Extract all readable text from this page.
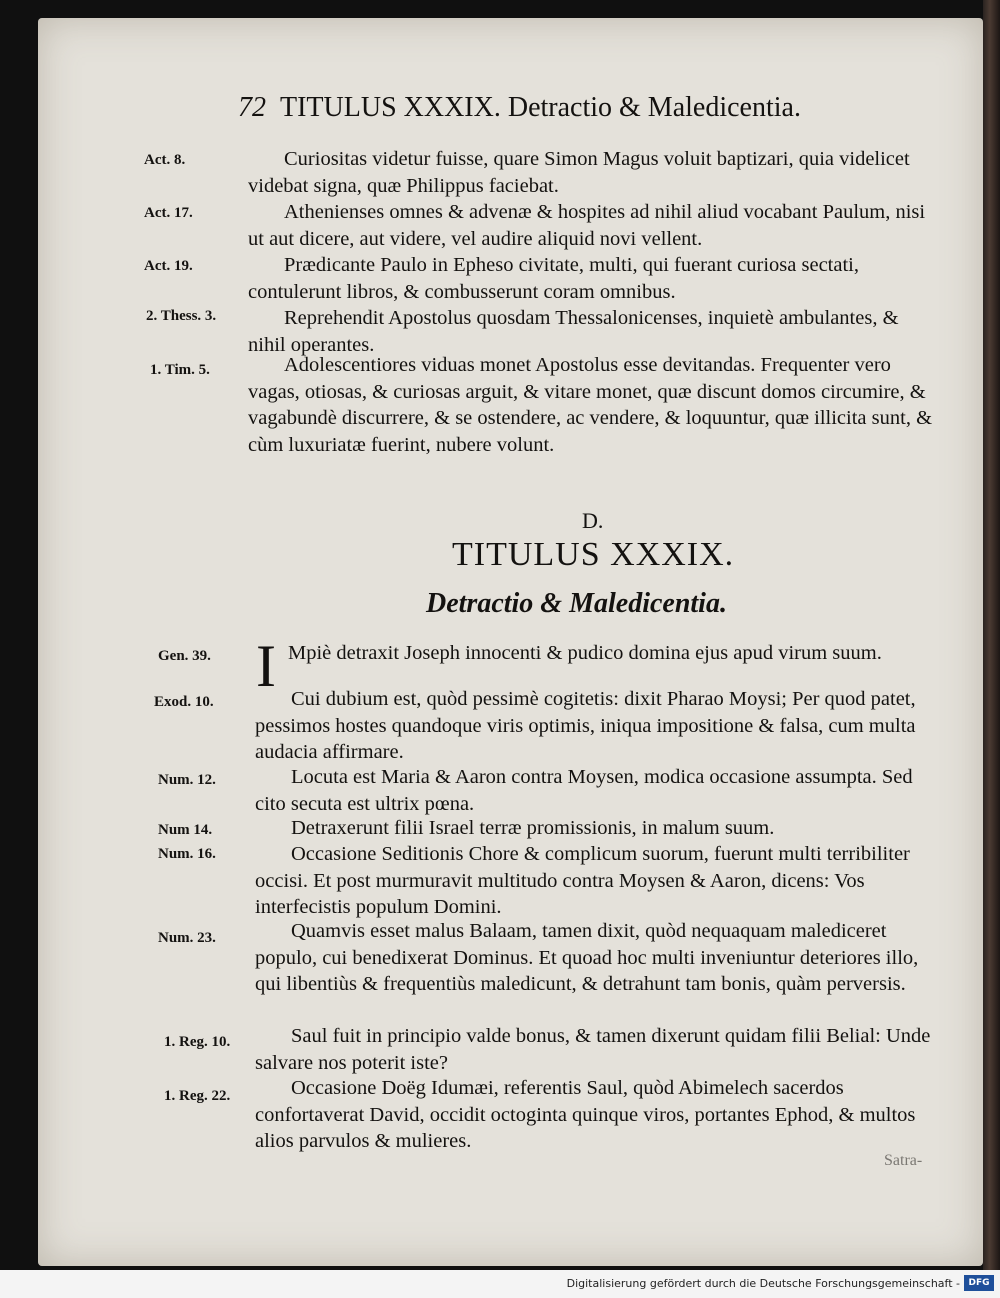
72 TITULUS XXXIX. Detractio & Maledicentia.
Act. 8.	Curiositas videtur fuisse, quare Simon Magus voluit baptizari, quia videlicet videbat signa, quæ Philippus faciebat.
Act. 17.	Athenienses omnes & advenæ & hospites ad nihil aliud vocabant Paulum, nisi ut aut dicere, aut videre, vel audire aliquid novi vellent.
Act. 19.	Prædicante Paulo in Epheso civitate, multi, qui fuerant curiosa sectati, contulerunt libros, & combusserunt coram omnibus.
2. Thess. 3.	Reprehendit Apostolus quosdam Thessalonicenses, inquietè ambulantes, & nihil operantes.
1. Tim. 5.	Adolescentiores viduas monet Apostolus esse devitandas. Frequenter vero vagas, otiosas, & curiosas arguit, & vitare monet, quæ discunt domos circumire, & vagabundè discurrere, & se ostendere, ac vendere, & loquuntur, quæ illicita sunt, & cùm luxuriatæ fuerint, nubere volunt.
D.
TITULUS XXXIX.
Detractio & Maledicentia.
Gen. 39. I Mpiè detraxit Joseph innocenti & pudico domina ejus apud virum suum.
Exod. 10.	Cui dubium est, quòd pessimè cogitetis: dixit Pharao Moysi; Per quod patet, pessimos hostes quandoque viris optimis, iniqua impositione & falsa, cum multa audacia affirmare.
Num. 12.	Locuta est Maria & Aaron contra Moysen, modica occasione assumpta. Sed cito secuta est ultrix pœna.
Num 14.	Detraxerunt filii Israel terræ promissionis, in malum suum.
Num. 16.	Occasione Seditionis Chore & complicum suorum, fuerunt multi terribiliter occisi. Et post murmuravit multitudo contra Moysen & Aaron, dicens: Vos interfecistis populum Domini.
Num. 23.	Quamvis esset malus Balaam, tamen dixit, quòd nequaquam malediceret populo, cui benedixerat Dominus. Et quoad hoc multi inveniuntur deteriores illo, qui libentiùs & frequentiùs maledicunt, & detrahunt tam bonis, quàm perversis.
1. Reg. 10.	Saul fuit in principio valde bonus, & tamen dixerunt quidam filii Belial: Unde salvare nos poterit iste?
1. Reg. 22.	Occasione Doëg Idumæi, referentis Saul, quòd Abimelech sacerdos confortaverat David, occidit octoginta quinque viros, portantes Ephod, & multos alios parvulos & mulieres.
Satra-
Digitalisierung gefördert durch die Deutsche Forschungsgemeinschaft - DFG
